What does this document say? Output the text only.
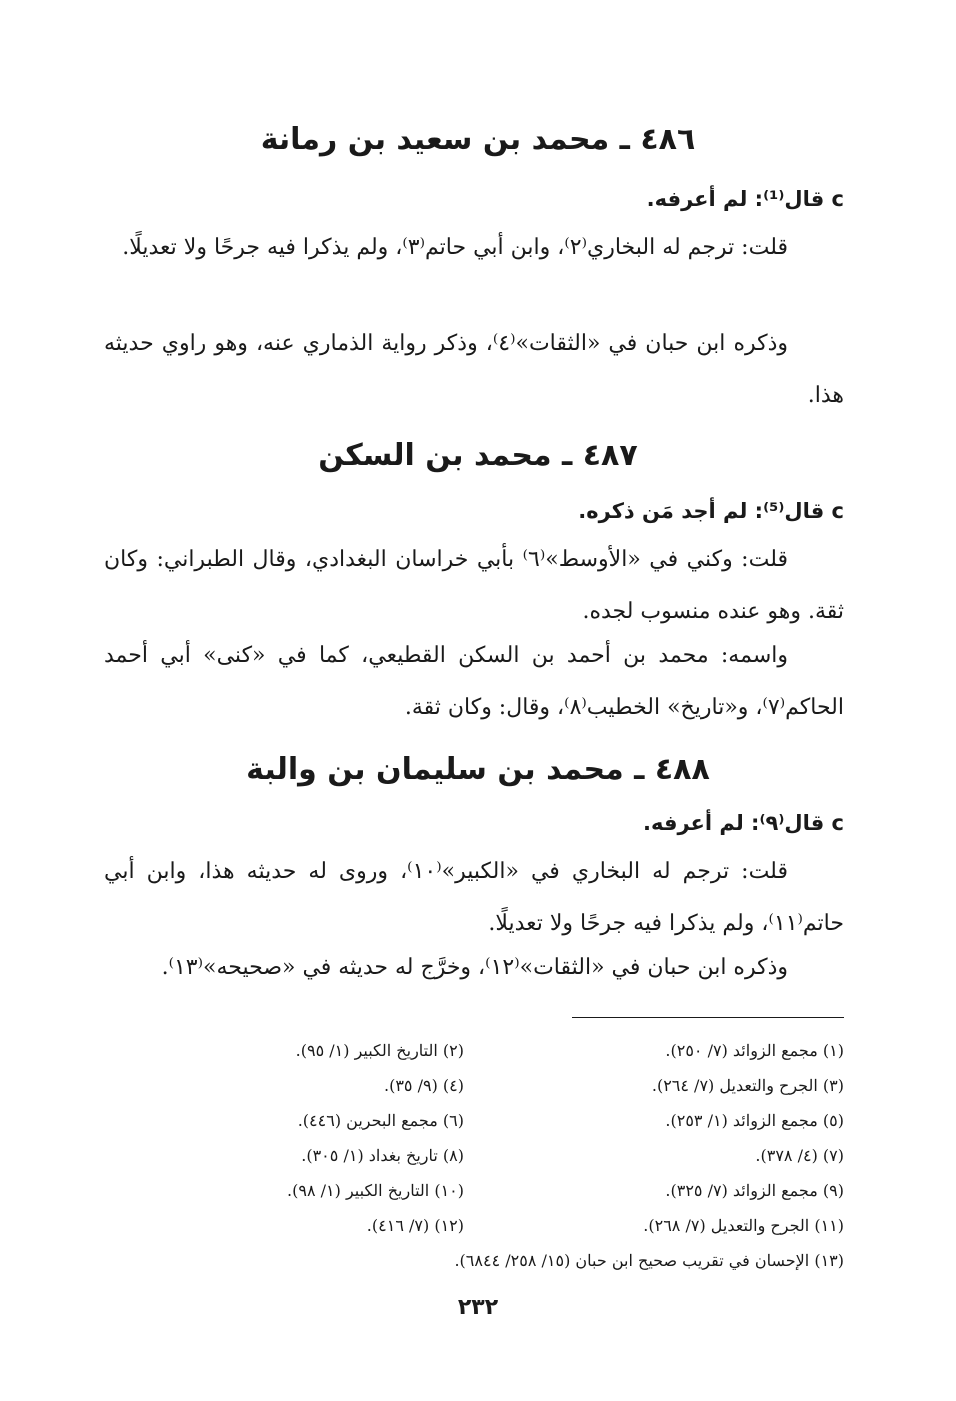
٤٨٦ ـ محمد بن سعيد بن رمانة

c قال⁽¹⁾: لم أعرفه.

قلت: ترجم له البخاري⁽٢⁾، وابن أبي حاتم⁽٣⁾، ولم يذكرا فيه جرحًا ولا تعديلًا.

وذكره ابن حبان في «الثقات»⁽٤⁾، وذكر رواية الذماري عنه، وهو راوي حديثه هذا.

٤٨٧ ـ محمد بن السكن

c قال⁽⁵⁾: لم أجد مَن ذكره.

قلت: وكني في «الأوسط»⁽٦⁾ بأبي خراسان البغدادي، وقال الطبراني: وكان ثقة. وهو عنده منسوب لجده.

واسمه: محمد بن أحمد بن السكن القطيعي، كما في «كنى» أبي أحمد الحاكم⁽٧⁾، و«تاريخ» الخطيب⁽٨⁾، وقال: وكان ثقة.

٤٨٨ ـ محمد بن سليمان بن والبة

c قال⁽٩⁾: لم أعرفه.

قلت: ترجم له البخاري في «الكبير»⁽١٠⁾، وروى له حديثه هذا، وابن أبي حاتم⁽١١⁾، ولم يذكرا فيه جرحًا ولا تعديلًا.

وذكره ابن حبان في «الثقات»⁽١٢⁾، وخرَّج له حديثه في «صحيحه»⁽١٣⁾.

(١) مجمع الزوائد (٧/ ٢٥٠).
(٢) التاريخ الكبير (١/ ٩٥).
(٣) الجرح والتعديل (٧/ ٢٦٤).
(٤) (٩/ ٣٥).
(٥) مجمع الزوائد (١/ ٢٥٣).
(٦) مجمع البحرين (٤٤٦).
(٧) (٤/ ٣٧٨).
(٨) تاريخ بغداد (١/ ٣٠٥).
(٩) مجمع الزوائد (٧/ ٣٢٥).
(١٠) التاريخ الكبير (١/ ٩٨).
(١١) الجرح والتعديل (٧/ ٢٦٨).
(١٢) (٧/ ٤١٦).
(١٣) الإحسان في تقريب صحيح ابن حبان (١٥/ ٢٥٨/ ٦٨٤٤).
٢٣٢
